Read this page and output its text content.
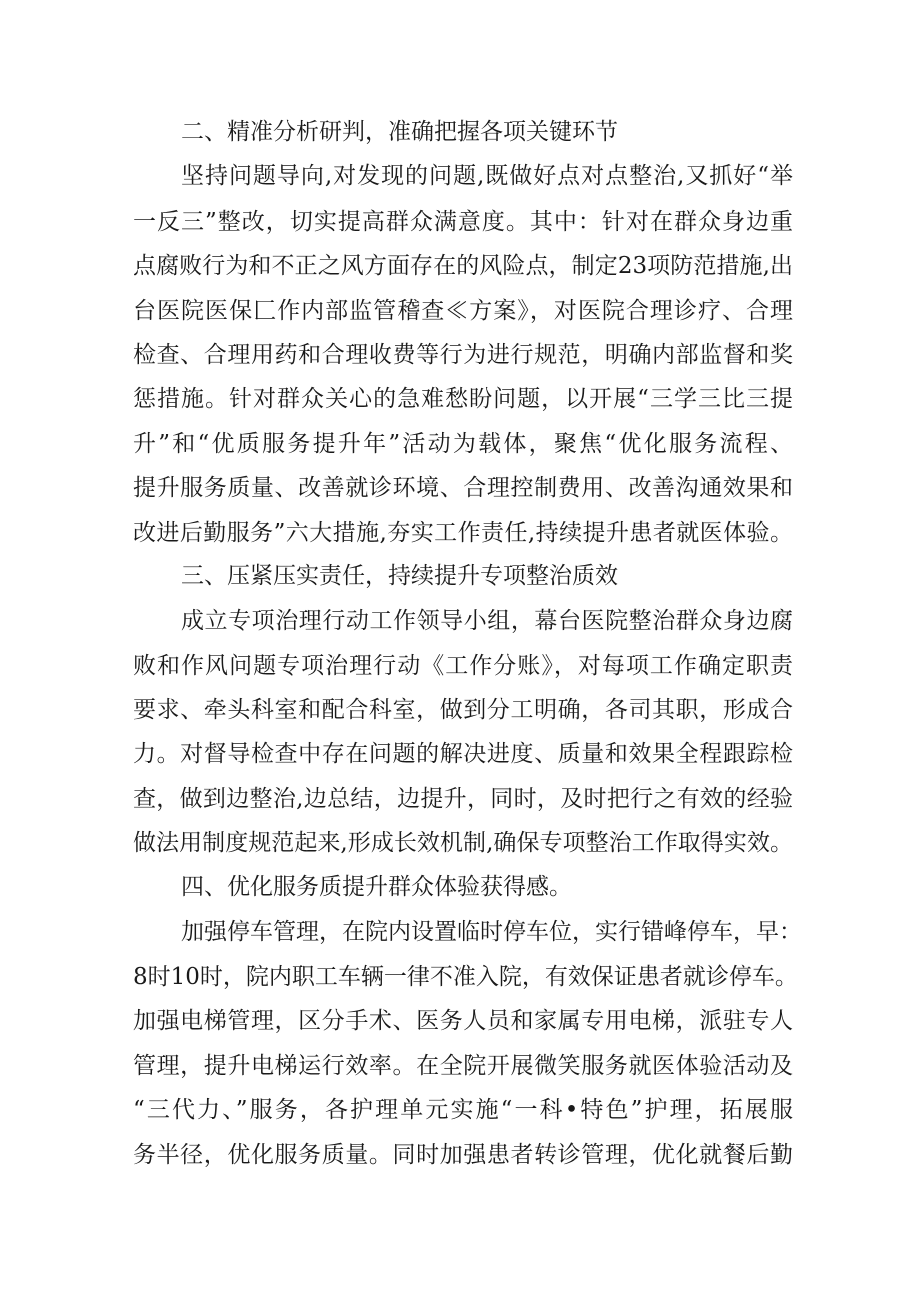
二、精准分析研判，准确把握各项关键环节
坚持问题导向,对发现的问题,既做好点对点整治,又抓好“举
一反三”整改，切实提高群众满意度。其中：针对在群众身边重
点腐败行为和不正之风方面存在的风险点，制定23项防范措施,出
台医院医保匚作内部监管稽查≪方案》，对医院合理诊疗、合理
检查、合理用药和合理收费等行为进行规范，明确内部监督和奖
惩措施。针对群众关心的急难愁盼问题，以开展“三学三比三提
升”和“优质服务提升年”活动为载体，聚焦“优化服务流程、
提升服务质量、改善就诊环境、合理控制费用、改善沟通效果和
改进后勤服务”六大措施,夯实工作责任,持续提升患者就医体验。
三、压紧压实责任，持续提升专项整治质效
成立专项治理行动工作领导小组，幕台医院整治群众身边腐
败和作风问题专项治理行动《工作分账》，对每项工作确定职责
要求、牵头科室和配合科室，做到分工明确，各司其职，形成合
力。对督导检查中存在问题的解决进度、质量和效果全程跟踪检
查，做到边整治,边总结，边提升，同时，及时把行之有效的经验
做法用制度规范起来,形成长效机制,确保专项整治工作取得实效。
四、优化服务质提升群众体验获得感。
加强停车管理，在院内设置临时停车位，实行错峰停车，早：
8时10时，院内职工车辆一律不准入院，有效保证患者就诊停车。
加强电梯管理，区分手术、医务人员和家属专用电梯，派驻专人
管理，提升电梯运行效率。在全院开展微笑服务就医体验活动及
“三代力、”服务，各护理单元实施“一科•特色”护理，拓展服
务半径，优化服务质量。同时加强患者转诊管理，优化就餐后勤
